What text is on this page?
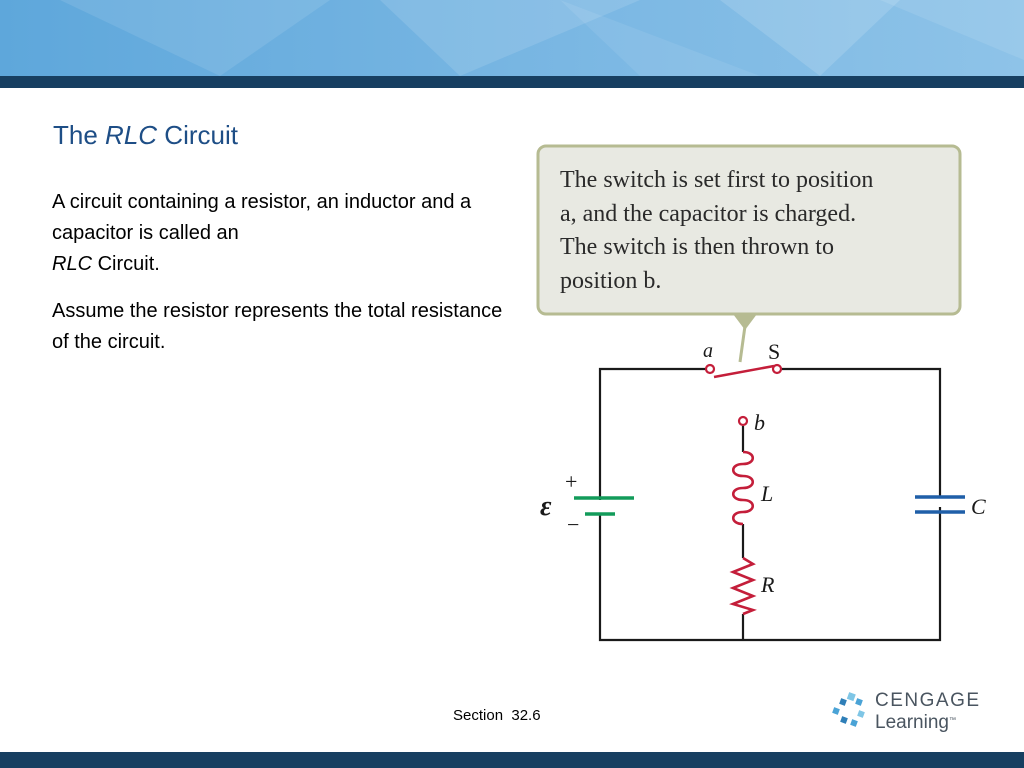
The RLC Circuit

A circuit containing a resistor, an inductor and a capacitor is called an
RLC Circuit.

Assume the resistor represents the total resistance of the circuit.

The switch is set first to position
a, and the capacitor is charged.
The switch is then thrown to
position b.
a	S
b
L
R
C
ε
+
−
Section  32.6
CENGAGE
Learning™
